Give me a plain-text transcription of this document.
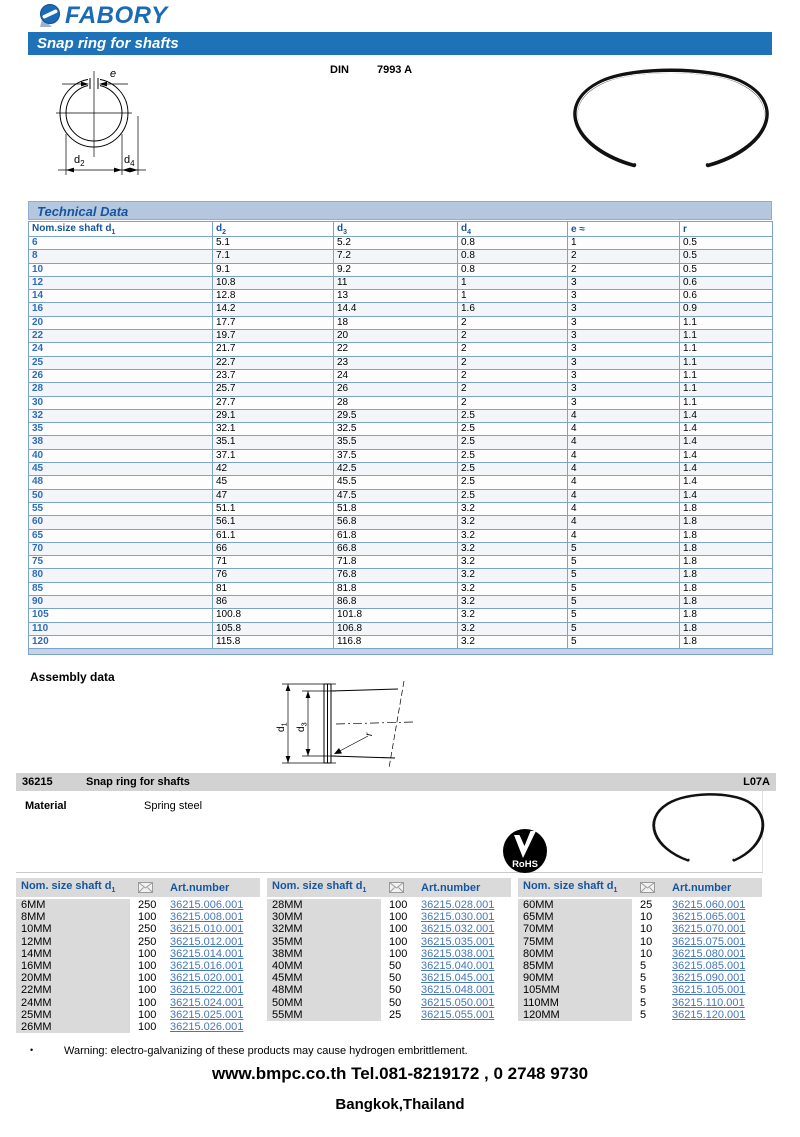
FABORY
Snap ring for shafts
DIN	7993 A
e
$d_2$	$d_4$
Technical Data
Nom.size shaft $d_1$	$d_2$	$d_3$	$d_4$	e ≈	r
6	5.1	5.2	0.8	1	0.5
8	7.1	7.2	0.8	2	0.5
10	9.1	9.2	0.8	2	0.5
12	10.8	11	1	3	0.6
14	12.8	13	1	3	0.6
16	14.2	14.4	1.6	3	0.9
20	17.7	18	2	3	1.1
22	19.7	20	2	3	1.1
24	21.7	22	2	3	1.1
25	22.7	23	2	3	1.1
26	23.7	24	2	3	1.1
28	25.7	26	2	3	1.1
30	27.7	28	2	3	1.1
32	29.1	29.5	2.5	4	1.4
35	32.1	32.5	2.5	4	1.4
38	35.1	35.5	2.5	4	1.4
40	37.1	37.5	2.5	4	1.4
45	42	42.5	2.5	4	1.4
48	45	45.5	2.5	4	1.4
50	47	47.5	2.5	4	1.4
55	51.1	51.8	3.2	4	1.8
60	56.1	56.8	3.2	4	1.8
65	61.1	61.8	3.2	4	1.8
70	66	66.8	3.2	5	1.8
75	71	71.8	3.2	5	1.8
80	76	76.8	3.2	5	1.8
85	81	81.8	3.2	5	1.8
90	86	86.8	3.2	5	1.8
105	100.8	101.8	3.2	5	1.8
110	105.8	106.8	3.2	5	1.8
120	115.8	116.8	3.2	5	1.8

Assembly data
$d_1$
$d_3$
r
36215	Snap ring for shafts	L07A
Material	Spring steel
RoHS
Nom. size shaft $d_1$	Art.number
6MM	250	36215.006.001
8MM	100	36215.008.001
10MM	250	36215.010.001
12MM	250	36215.012.001
14MM	100	36215.014.001
16MM	100	36215.016.001
20MM	100	36215.020.001
22MM	100	36215.022.001
24MM	100	36215.024.001
25MM	100	36215.025.001
26MM	100	36215.026.001
Nom. size shaft $d_1$	Art.number
28MM	100	36215.028.001
30MM	100	36215.030.001
32MM	100	36215.032.001
35MM	100	36215.035.001
38MM	100	36215.038.001
40MM	50	36215.040.001
45MM	50	36215.045.001
48MM	50	36215.048.001
50MM	50	36215.050.001
55MM	25	36215.055.001
Nom. size shaft $d_1$	Art.number
60MM	25	36215.060.001
65MM	10	36215.065.001
70MM	10	36215.070.001
75MM	10	36215.075.001
80MM	10	36215.080.001
85MM	5	36215.085.001
90MM	5	36215.090.001
105MM	5	36215.105.001
110MM	5	36215.110.001
120MM	5	36215.120.001
•	Warning: electro-galvanizing of these products may cause hydrogen embrittlement.
www.bmpc.co.th Tel.081-8219172 , 0 2748 9730
Bangkok,Thailand
